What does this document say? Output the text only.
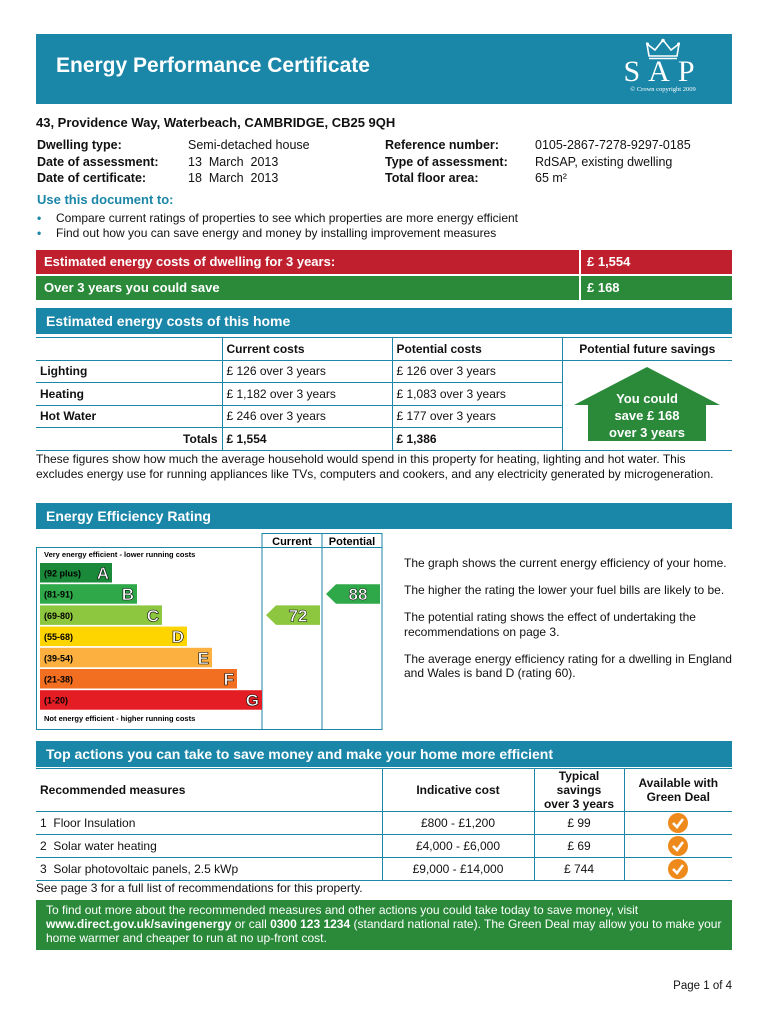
Energy Performance Certificate	SAP
© Crown copyright 2009
43, Providence Way, Waterbeach, CAMBRIDGE, CB25 9QH
Dwelling type:	Semi-detached house
Date of assessment:	13  March  2013
Date of certificate:	18  March  2013
Reference number:	0105-2867-7278-9297-0185
Type of assessment:	RdSAP, existing dwelling
Total floor area:	65 m²
Use this document to:
•	Compare current ratings of properties to see which properties are more energy efficient
•	Find out how you can save energy and money by installing improvement measures
Estimated energy costs of dwelling for 3 years:	£ 1,554
Over 3 years you could save	£ 168
Estimated energy costs of this home
	Current costs	Potential costs	Potential future savings
Lighting	£ 126 over 3 years	£ 126 over 3 years	You could
save £ 168
over 3 years

Heating	£ 1,182 over 3 years	£ 1,083 over 3 years	
Hot Water	£ 246 over 3 years	£ 177 over 3 years	
Totals	£ 1,554	£ 1,386	
These figures show how much the average household would spend in this property for heating, lighting and hot water. This excludes energy use for running appliances like TVs, computers and cookers, and any electricity generated by microgeneration.
Energy Efficiency Rating
Current Potential
Very energy efficient - lower running costs
Not energy efficient - higher running costs
(92 plus) A
(81-91)	B
(69-80)	C
(55-68)	D
(39-54)	E
(21-38)	F
(1-20)	G
72
88

The graph shows the current energy efficiency of your home.

The higher the rating the lower your fuel bills are likely to be.

The potential rating shows the effect of undertaking the recommendations on page 3.

The average energy efficiency rating for a dwelling in England and Wales is band D (rating 60).

Top actions you can take to save money and make your home more efficient
Recommended measures	Indicative cost	Typical savings
over 3 years	Available with
Green Deal
1 Floor Insulation	£800 - £1,200	£ 99	
2 Solar water heating	£4,000 - £6,000	£ 69	
3 Solar photovoltaic panels, 2.5 kWp	£9,000 - £14,000	£ 744	
See page 3 for a full list of recommendations for this property.
To find out more about the recommended measures and other actions you could take today to save money, visit
www.direct.gov.uk/savingenergy or call 0300 123 1234 (standard national rate). The Green Deal may allow you to make your home warmer and cheaper to run at no up-front cost.
Page 1 of 4
